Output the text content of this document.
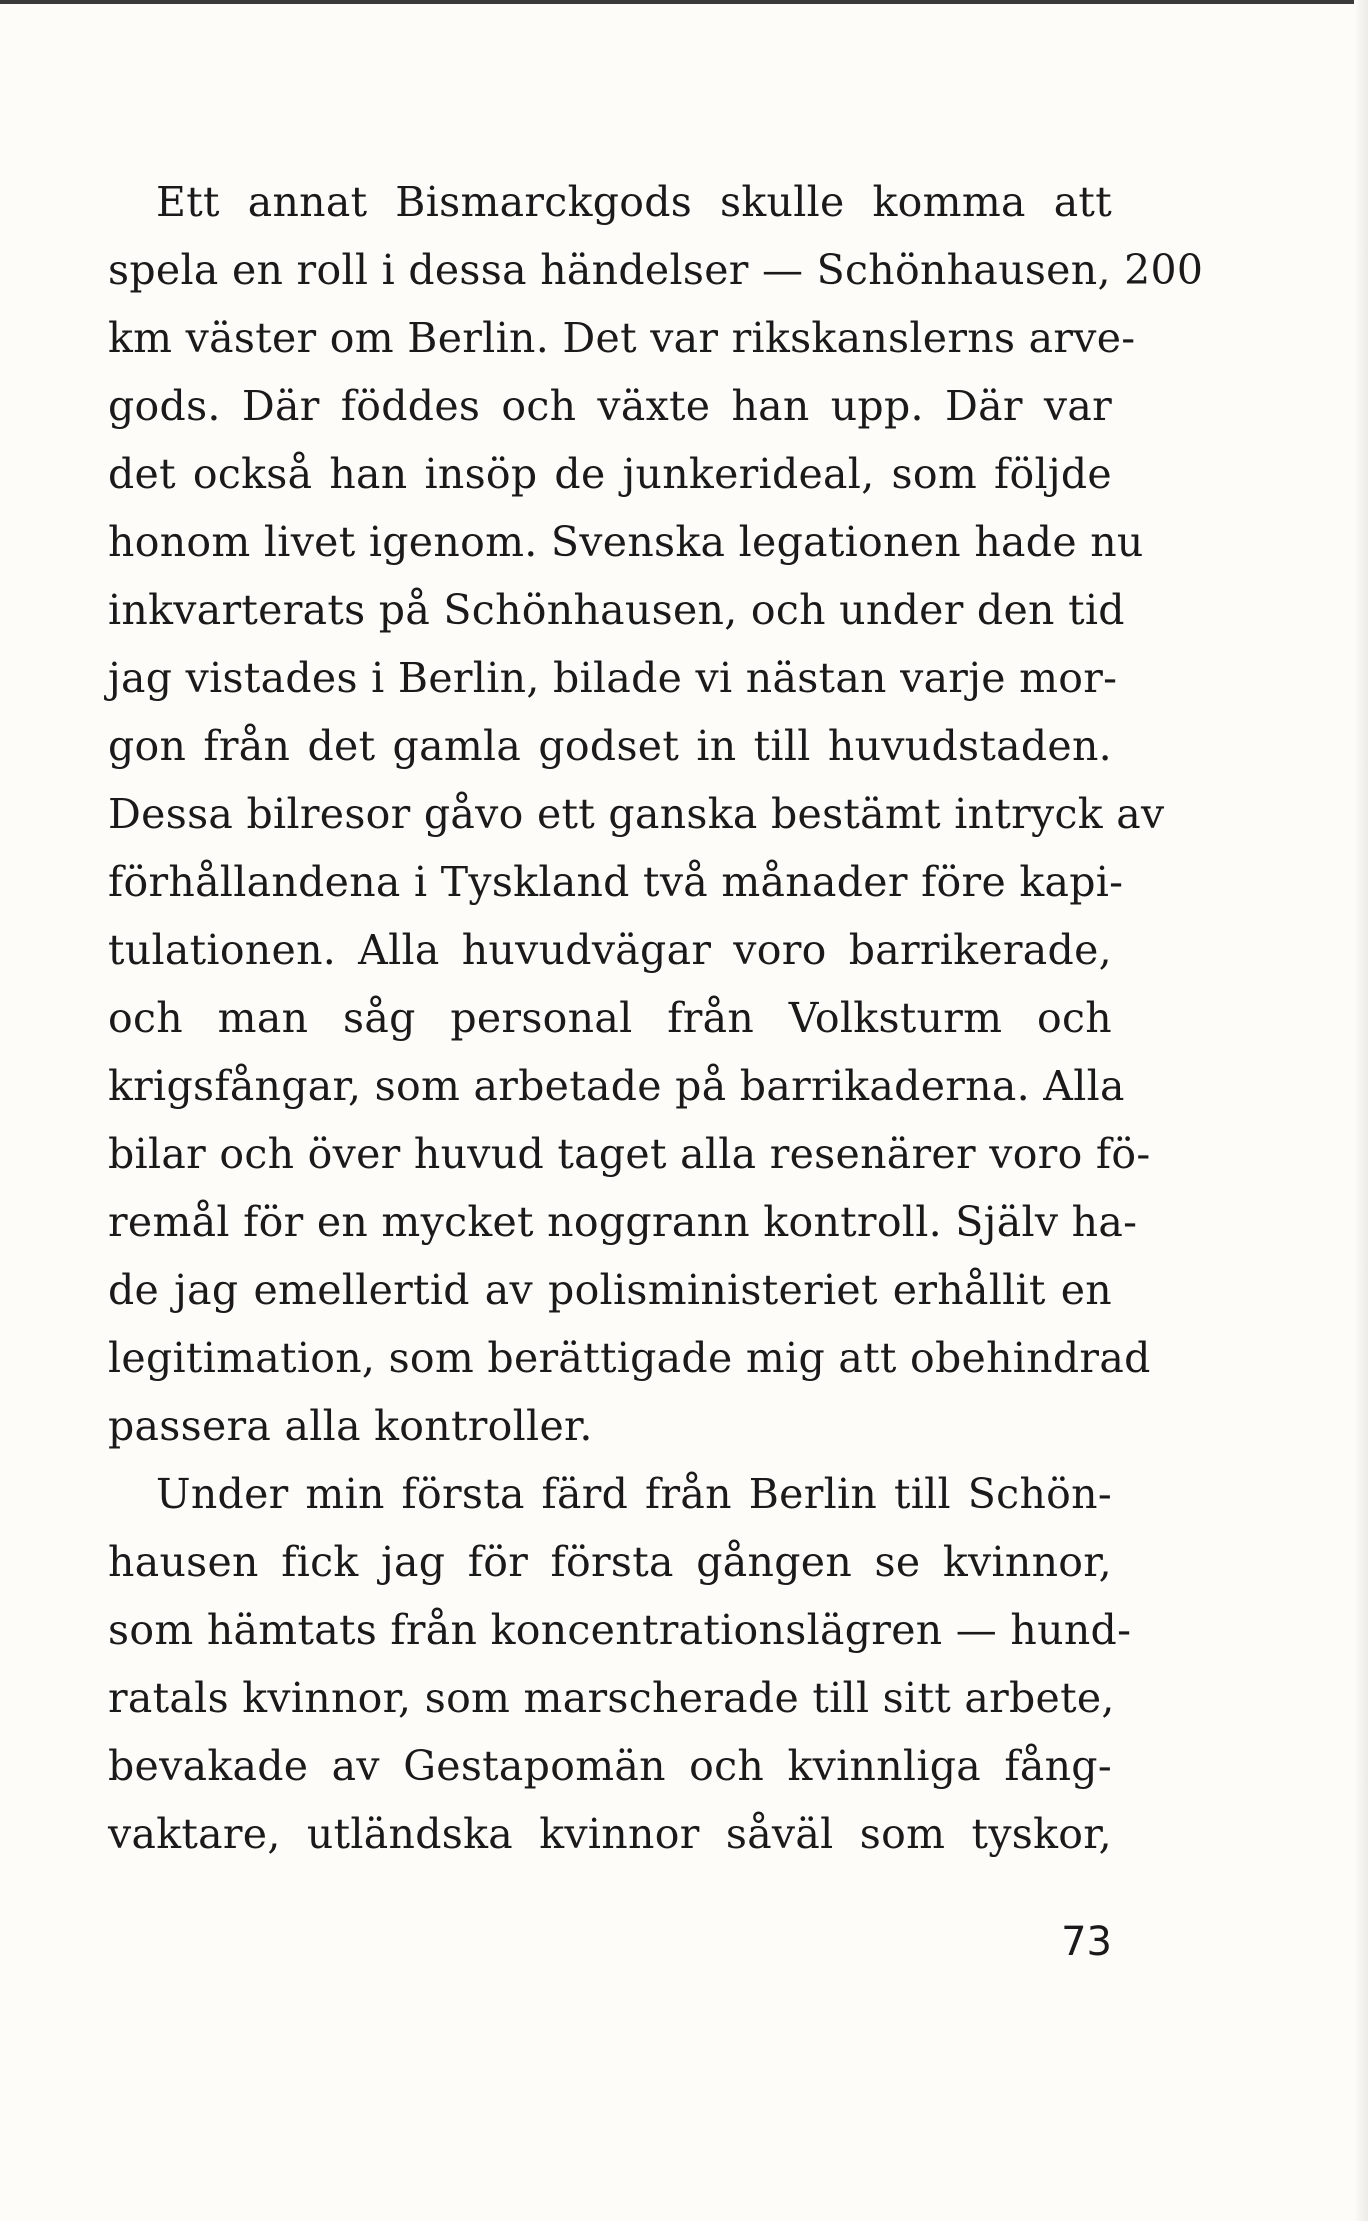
Ett annat Bismarckgods skulle komma att
spela en roll i dessa händelser — Schönhausen, 200
km väster om Berlin. Det var rikskanslerns arve-
gods. Där föddes och växte han upp. Där var
det också han insöp de junkerideal, som följde
honom livet igenom. Svenska legationen hade nu
inkvarterats på Schönhausen, och under den tid
jag vistades i Berlin, bilade vi nästan varje mor-
gon från det gamla godset in till huvudstaden.
Dessa bilresor gåvo ett ganska bestämt intryck av
förhållandena i Tyskland två månader före kapi-
tulationen. Alla huvudvägar voro barrikerade,
och man såg personal från Volksturm och
krigsfångar, som arbetade på barrikaderna. Alla
bilar och över huvud taget alla resenärer voro fö-
remål för en mycket noggrann kontroll. Själv ha-
de jag emellertid av polisministeriet erhållit en
legitimation, som berättigade mig att obehindrad
passera alla kontroller.
Under min första färd från Berlin till Schön-
hausen fick jag för första gången se kvinnor,
som hämtats från koncentrationslägren — hund-
ratals kvinnor, som marscherade till sitt arbete,
bevakade av Gestapomän och kvinnliga fång-
vaktare, utländska kvinnor såväl som tyskor,
73
